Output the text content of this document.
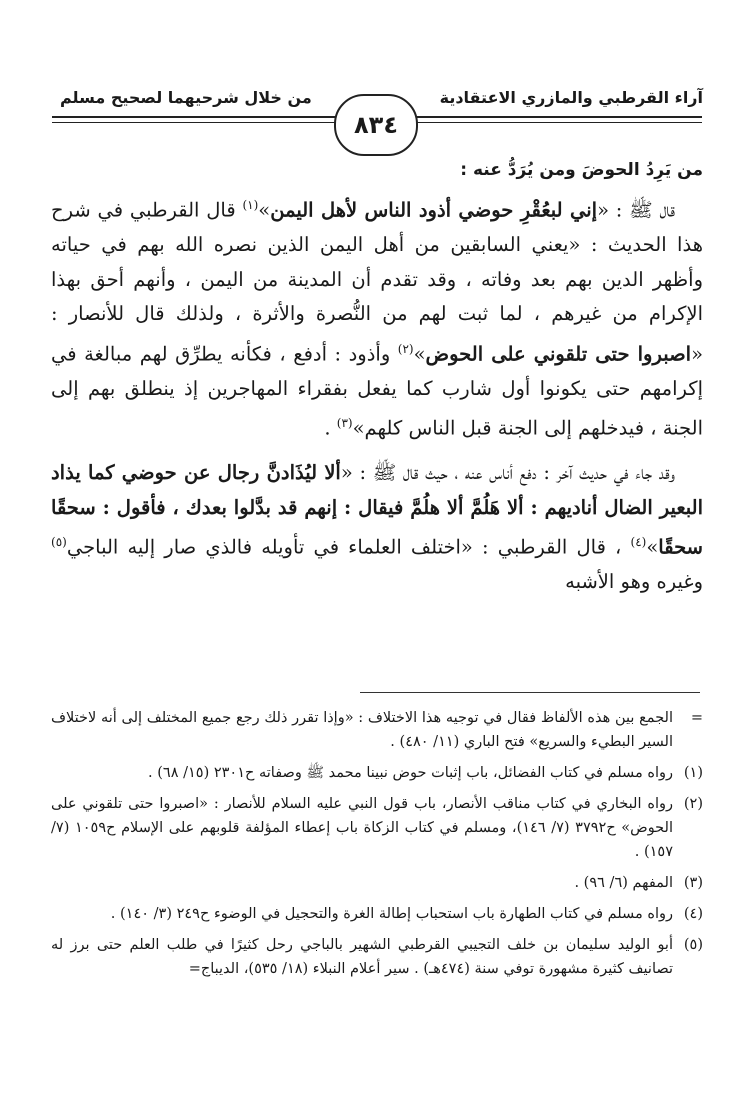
آراء القرطبي والمازري الاعتقادية
من خلال شرحيهما لصحيح مسلم
٨٣٤
من يَرِدُ الحوضَ ومن يُرَدُّ عنه :

قال ﷺ : «إني لبعُقْرِ حوضي أذود الناس لأهل اليمن»$^{(١)}$ قال القرطبي في شرح هذا الحديث : «يعني السابقين من أهل اليمن الذين نصره الله بهم في حياته وأظهر الدين بهم بعد وفاته ، وقد تقدم أن المدينة من اليمن ، وأنهم أحق بهذا الإكرام من غيرهم ، لما ثبت لهم من النُّصرة والأثرة ، ولذلك قال للأنصار : «اصبروا حتى تلقوني على الحوض»$^{(٢)}$ وأذود : أدفع ، فكأنه يطرِّق لهم مبالغة في إكرامهم حتى يكونوا أول شارب كما يفعل بفقراء المهاجرين إذ ينطلق بهم إلى الجنة ، فيدخلهم إلى الجنة قبل الناس كلهم»$^{(٣)}$ .

وقد جاء في حديث آخر : دفع أناس عنه ، حيث قال ﷺ : «ألا ليُذَادنَّ رجال عن حوضي كما يذاد البعير الضال أناديهم : ألا هَلُمَّ ألا هلُمَّ فيقال : إنهم قد بدَّلوا بعدك ، فأقول : سحقًا سحقًا»$^{(٤)}$ ، قال القرطبي : «اختلف العلماء في تأويله فالذي صار إليه الباجي$^{(٥)}$ وغيره وهو الأشبه

=
الجمع بين هذه الألفاظ فقال في توجيه هذا الاختلاف : «وإذا تقرر ذلك رجع جميع المختلف إلى أنه لاختلاف السير البطيء والسريع» فتح الباري (١١/ ٤٨٠) .
(١)
رواه مسلم في كتاب الفضائل، باب إثبات حوض نبينا محمد ﷺ وصفاته ح٢٣٠١ (١٥/ ٦٨) .
(٢)
رواه البخاري في كتاب مناقب الأنصار، باب قول النبي عليه السلام للأنصار : «اصبروا حتى تلقوني على الحوض» ح٣٧٩٢ (٧/ ١٤٦)، ومسلم في كتاب الزكاة باب إعطاء المؤلفة قلوبهم على الإسلام ح١٠٥٩ (٧/ ١٥٧) .
(٣)
المفهم (٦/ ٩٦) .
(٤)
رواه مسلم في كتاب الطهارة باب استحباب إطالة الغرة والتحجيل في الوضوء ح٢٤٩ (٣/ ١٤٠) .
(٥)
أبو الوليد سليمان بن خلف التجيبي القرطبي الشهير بالباجي رحل كثيرًا في طلب العلم حتى برز له تصانيف كثيرة مشهورة توفي سنة (٤٧٤هـ) . سير أعلام النبلاء (١٨/ ٥٣٥)، الديباج=
